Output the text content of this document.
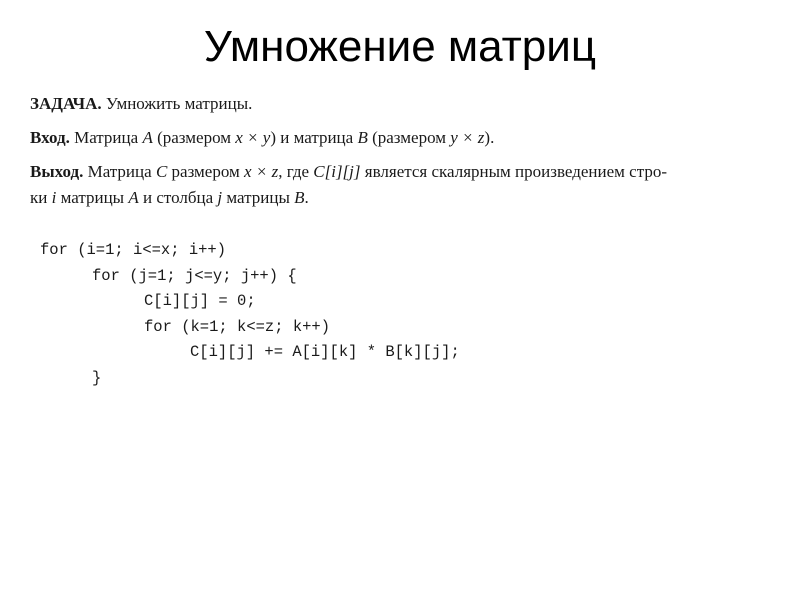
Умножение матриц
ЗАДАЧА. Умножить матрицы.
Вход. Матрица A (размером x × y) и матрица B (размером y × z).
Выход. Матрица C размером x × z, где C[i][j] является скалярным произведением стро-
ки i матрицы A и столбца j матрицы B.
for (i=1; i<=x; i++)
for (j=1; j<=y; j++) {
C[i][j] = 0;
for (k=1; k<=z; k++)
C[i][j] += A[i][k] * B[k][j];
}
